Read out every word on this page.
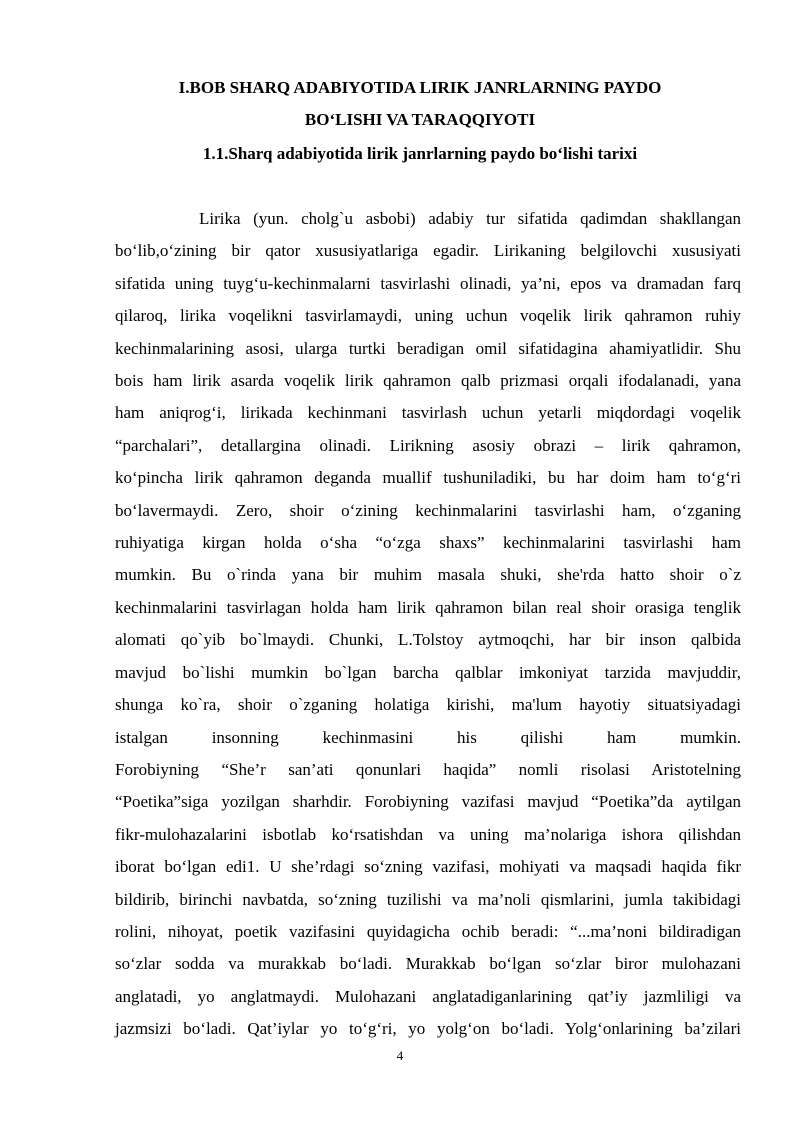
I.BOB SHARQ ADABIYOTIDA LIRIK JANRLARNING PAYDO
BO‘LISHI VA TARAQQIYOTI
1.1.Sharq adabiyotida lirik janrlarning paydo bo‘lishi tarixi
Lirika (yun. cholg`u asbobi) adabiy tur sifatida qadimdan shakllangan
bo‘lib,o‘zining bir qator xususiyatlariga egadir. Lirikaning belgilovchi xususiyati
sifatida uning tuyg‘u-kechinmalarni tasvirlashi olinadi, ya’ni, epos va dramadan farq
qilaroq, lirika voqelikni tasvirlamaydi, uning uchun voqelik lirik qahramon ruhiy
kechinmalarining asosi, ularga turtki beradigan omil sifatidagina ahamiyatlidir. Shu
bois ham lirik asarda voqelik lirik qahramon qalb prizmasi orqali ifodalanadi, yana
ham aniqrog‘i, lirikada kechinmani tasvirlash uchun yetarli miqdordagi voqelik
“parchalari”, detallargina olinadi. Lirikning asosiy obrazi – lirik qahramon,
ko‘pincha lirik qahramon deganda muallif tushuniladiki, bu har doim ham to‘g‘ri
bo‘lavermaydi. Zero, shoir o‘zining kechinmalarini tasvirlashi ham, o‘zganing
ruhiyatiga kirgan holda o‘sha “o‘zga shaxs” kechinmalarini tasvirlashi ham
mumkin. Bu o`rinda yana bir muhim masala shuki, she'rda hatto shoir o`z
kechinmalarini tasvirlagan holda ham lirik qahramon bilan real shoir orasiga tenglik
alomati qo`yib bo`lmaydi. Chunki, L.Tolstoy aytmoqchi, har bir inson qalbida
mavjud bo`lishi mumkin bo`lgan barcha qalblar imkoniyat tarzida mavjuddir,
shunga ko`ra, shoir o`zganing holatiga kirishi, ma'lum hayotiy situatsiyadagi
istalgan insonning kechinmasini his qilishi ham mumkin.
Forobiyning “She’r san’ati qonunlari haqida” nomli risolasi Aristotelning
“Poetika”siga yozilgan sharhdir. Forobiyning vazifasi mavjud “Poetika”da aytilgan
fikr-mulohazalarini isbotlab ko‘rsatishdan va uning ma’nolariga ishora qilishdan
iborat bo‘lgan edi1. U she’rdagi so‘zning vazifasi, mohiyati va maqsadi haqida fikr
bildirib, birinchi navbatda, so‘zning tuzilishi va ma’noli qismlarini, jumla takibidagi
rolini, nihoyat, poetik vazifasini quyidagicha ochib beradi: “...ma’noni bildiradigan
so‘zlar sodda va murakkab bo‘ladi. Murakkab bo‘lgan so‘zlar biror mulohazani
anglatadi, yo anglatmaydi. Mulohazani anglatadiganlarining qat’iy jazmliligi va
jazmsizi bo‘ladi. Qat’iylar yo to‘g‘ri, yo yolg‘on bo‘ladi. Yolg‘onlarining ba’zilari
4
